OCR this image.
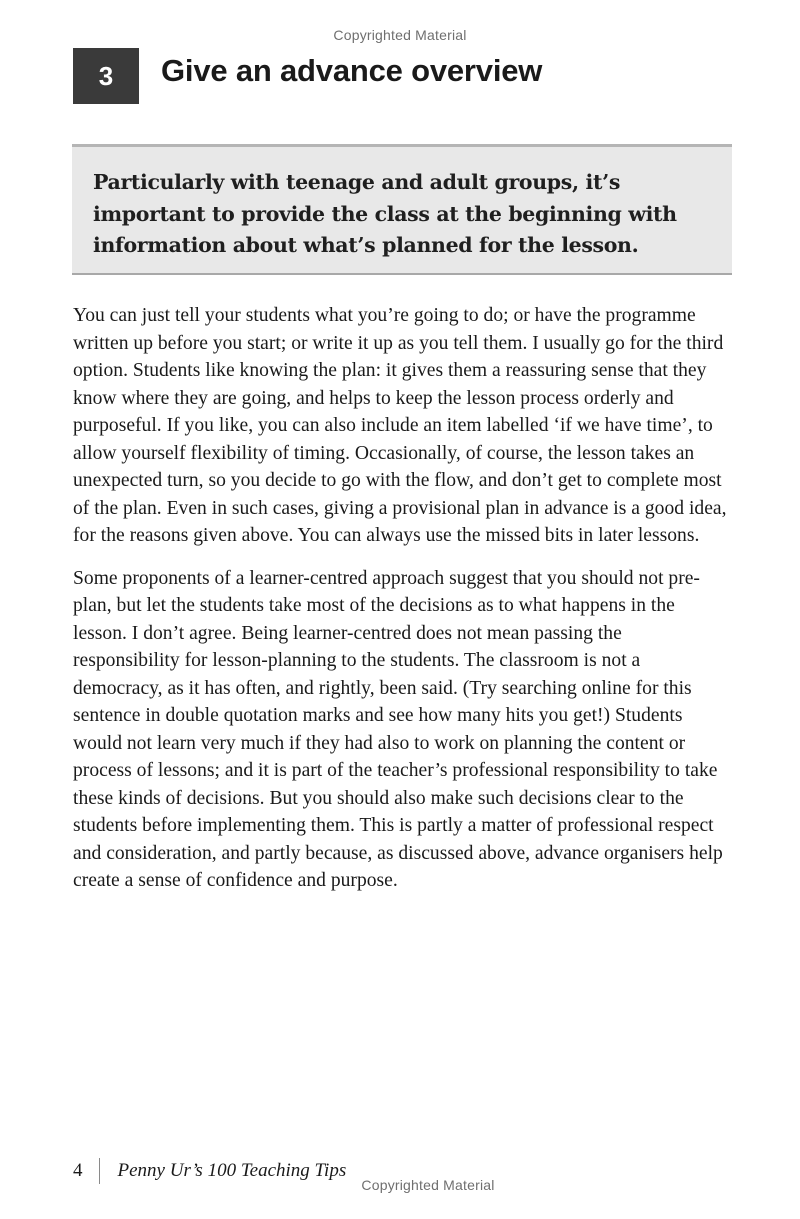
Copyrighted Material
3	Give an advance overview

Particularly with teenage and adult groups, it’s important to provide the class at the beginning with information about what’s planned for the lesson.

You can just tell your students what you’re going to do; or have the programme written up before you start; or write it up as you tell them. I usually go for the third option. Students like knowing the plan: it gives them a reassuring sense that they know where they are going, and helps to keep the lesson process orderly and purposeful. If you like, you can also include an item labelled ‘if we have time’, to allow yourself flexibility of timing. Occasionally, of course, the lesson takes an unexpected turn, so you decide to go with the flow, and don’t get to complete most of the plan. Even in such cases, giving a provisional plan in advance is a good idea, for the reasons given above. You can always use the missed bits in later lessons.

Some proponents of a learner-centred approach suggest that you should not pre-plan, but let the students take most of the decisions as to what happens in the lesson. I don’t agree. Being learner-centred does not mean passing the responsibility for lesson-planning to the students. The classroom is not a democracy, as it has often, and rightly, been said. (Try searching online for this sentence in double quotation marks and see how many hits you get!) Students would not learn very much if they had also to work on planning the content or process of lessons; and it is part of the teacher’s professional responsibility to take these kinds of decisions. But you should also make such decisions clear to the students before implementing them. This is partly a matter of professional respect and consideration, and partly because, as discussed above, advance organisers help create a sense of confidence and purpose.

4 Penny Ur’s 100 Teaching Tips
Copyrighted Material
